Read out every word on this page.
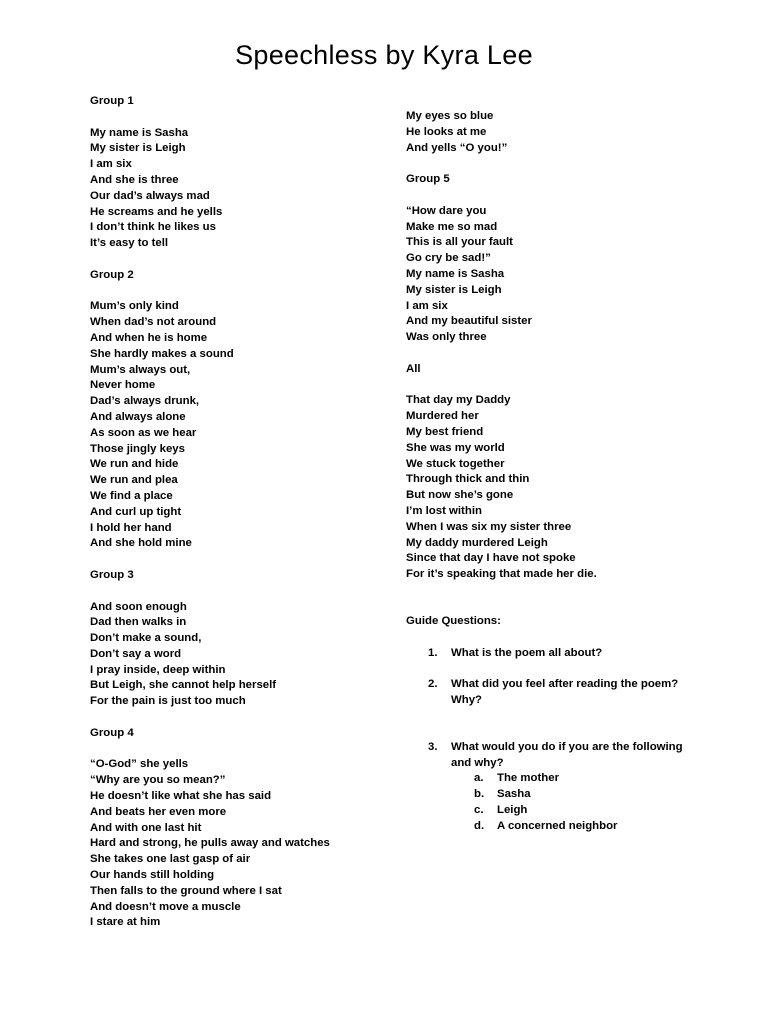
Speechless by Kyra Lee
Group 1
My name is Sasha
My sister is Leigh
I am six
And she is three
Our dad’s always mad
He screams and he yells
I don’t think he likes us
It’s easy to tell
Group 2
Mum’s only kind
When dad’s not around
And when he is home
She hardly makes a sound
Mum’s always out,
Never home
Dad’s always drunk,
And always alone
As soon as we hear
Those jingly keys
We run and hide
We run and plea
We find a place
And curl up tight
I hold her hand
And she hold mine
Group 3
And soon enough
Dad then walks in
Don’t make a sound,
Don’t say a word
I pray inside, deep within
But Leigh, she cannot help herself
For the pain is just too much
Group 4
“O-God” she yells
“Why are you so mean?”
He doesn’t like what she has said
And beats her even more
And with one last hit
Hard and strong, he pulls away and watches
She takes one last gasp of air
Our hands still holding
Then falls to the ground where I sat
And doesn’t move a muscle
I stare at him
My eyes so blue
He looks at me
And yells “O you!”
Group 5
“How dare you
Make me so mad
This is all your fault
Go cry be sad!”
My name is Sasha
My sister is Leigh
I am six
And my beautiful sister
Was only three
All
That day my Daddy
Murdered her
My best friend
She was my world
We stuck together
Through thick and thin
But now she’s gone
I’m lost within
When I was six my sister three
My daddy murdered Leigh
Since that day I have not spoke
For it’s speaking that made her die.
Guide Questions:
1. What is the poem all about?
2. What did you feel after reading the poem? Why?
3. What would you do if you are the following and why?
a. The mother
b. Sasha
c. Leigh
d. A concerned neighbor
